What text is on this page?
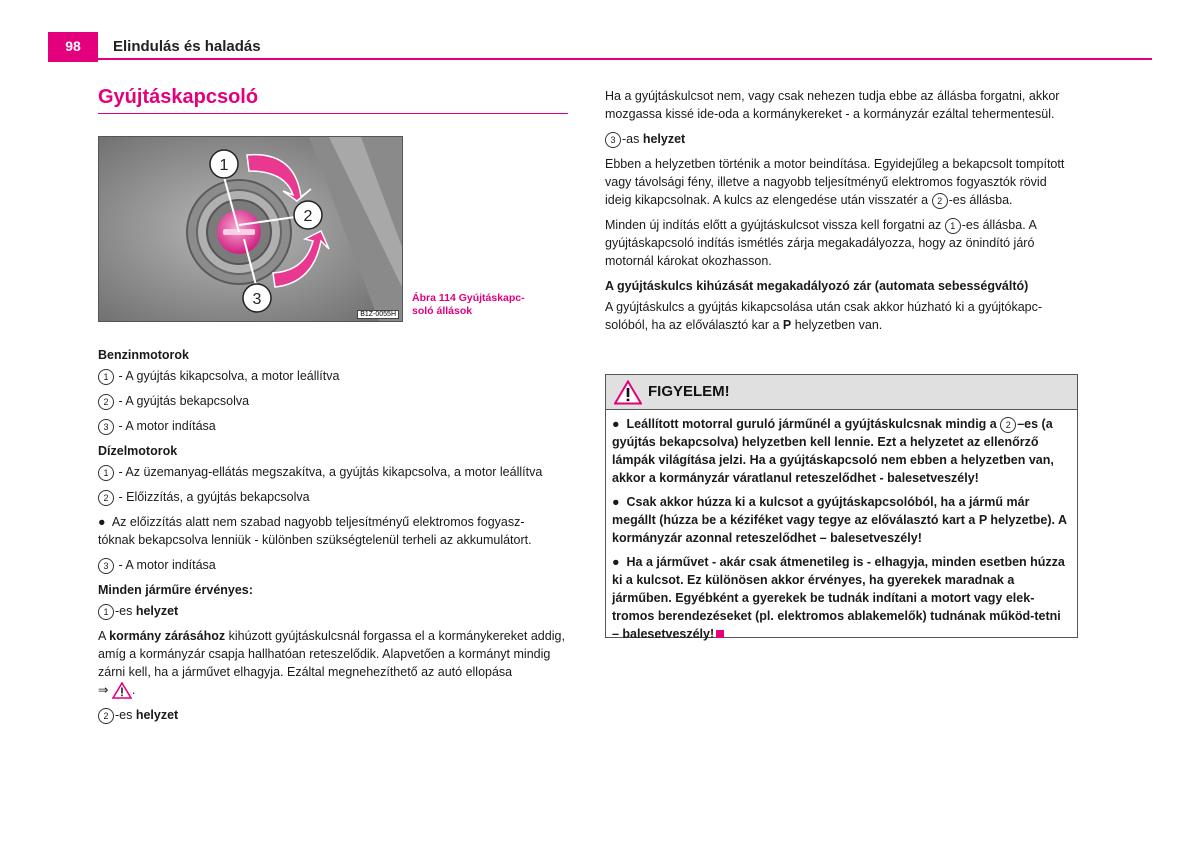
98	Elindulás és haladás
Gyújtáskapcsoló
1
2
3
B1Z-0055H
Ábra 114 Gyújtáskapc-
soló állások
Benzinmotorok
1 - A gyújtás kikapcsolva, a motor leállítva
2 - A gyújtás bekapcsolva
3 - A motor indítása
Dízelmotorok
1 - Az üzemanyag-ellátás megszakítva, a gyújtás kikapcsolva, a motor leállítva
2 - Előizzítás, a gyújtás bekapcsolva
● Az előizzítás alatt nem szabad nagyobb teljesítményű elektromos fogyasz-
tóknak bekapcsolva lenniük - különben szükségtelenül terheli az akkumulátort.
3 - A motor indítása
Minden járműre érvényes:
1 -es helyzet
A kormány zárásához kihúzott gyújtáskulcsnál forgassa el a kormánykereket addig, amíg a kormányzár csapja hallhatóan reteszelődik. Alapvetően a kormányt mindig zárni kell, ha a járművet elhagyja. Ezáltal megnehezíthető az autó ellopása
⇒ .
2 -es helyzet
Ha a gyújtáskulcsot nem, vagy csak nehezen tudja ebbe az állásba forgatni, akkor mozgassa kissé ide-oda a kormánykereket - a kormányzár ezáltal tehermentesül.
3 -as helyzet
Ebben a helyzetben történik a motor beindítása. Egyidejűleg a bekapcsolt tompított vagy távolsági fény, illetve a nagyobb teljesítményű elektromos fogyasztók rövid ideig kikapcsolnak. A kulcs az elengedése után visszatér a 2 -es állásba.
Minden új indítás előtt a gyújtáskulcsot vissza kell forgatni az 1 -es állásba. A gyújtáskapcsoló indítás ismétlés zárja megakadályozza, hogy az önindító járó motornál károkat okozhasson.
A gyújtáskulcs kihúzását megakadályozó zár (automata sebességváltó)
A gyújtáskulcs a gyújtás kikapcsolása után csak akkor húzható ki a gyújtókapc-solóból, ha az előválasztó kar a P helyzetben van.
FIGYELEM!

● Leállított motorral guruló járműnél a gyújtáskulcsnak mindig a 2 –es (a gyújtás bekapcsolva) helyzetben kell lennie. Ezt a helyzetet az ellenőrző lámpák világítása jelzi. Ha a gyújtáskapcsoló nem ebben a helyzetben van, akkor a kormányzár váratlanul reteszelődhet - balesetveszély!

● Csak akkor húzza ki a kulcsot a gyújtáskapcsolóból, ha a jármű már megállt (húzza be a kéziféket vagy tegye az előválasztó kart a P helyzetbe). A kormányzár azonnal reteszelődhet – balesetveszély!

● Ha a járművet - akár csak átmenetileg is - elhagyja, minden esetben húzza ki a kulcsot. Ez különösen akkor érvényes, ha gyerekek maradnak a járműben. Egyébként a gyerekek be tudnák indítani a motort vagy elek-tromos berendezéseket (pl. elektromos ablakemelők) tudnának működ-tetni – balesetveszély!
